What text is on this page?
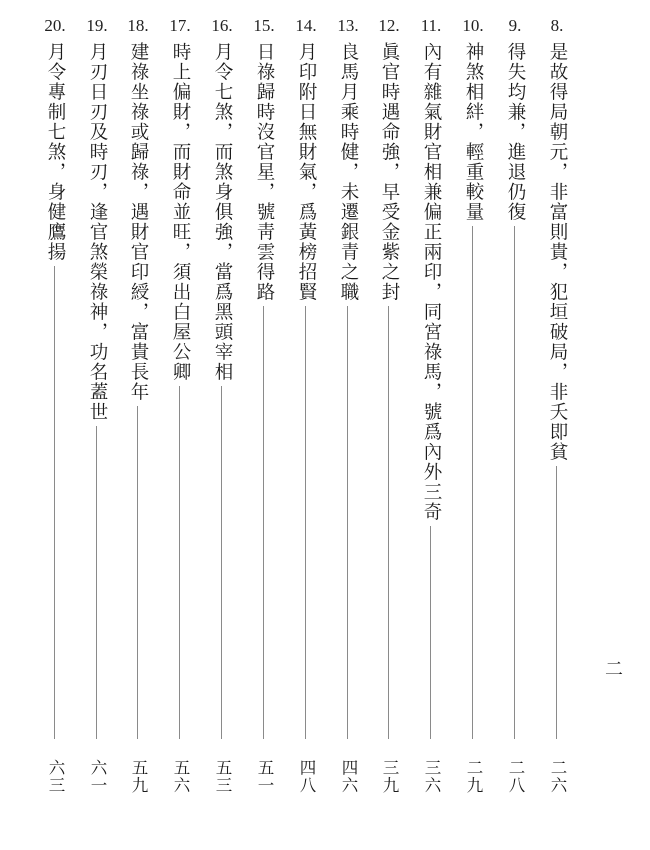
8.
是故得局朝元，非富則貴，犯垣破局，非夭即貧
二六
9.
得失均兼，進退仍復
二八
10.
神煞相絆，輕重較量
二九
11.
內有雜氣財官相兼偏正兩印，同宮祿馬，號爲內外三奇
三六
12.
眞官時遇命強，早受金紫之封
三九
13.
良馬月乘時健，未遷銀青之職
四六
14.
月印附日無財氣，爲黃榜招賢
四八
15.
日祿歸時沒官星，號靑雲得路
五一
16.
月令七煞，而煞身俱強，當爲黑頭宰相
五三
17.
時上偏財，而財命並旺，須出白屋公卿
五六
18.
建祿坐祿或歸祿，遇財官印綬，富貴長年
五九
19.
月刃日刃及時刃，逢官煞榮祿神，功名蓋世
六一
20.
月令專制七煞，身健鷹揚
六三
二
